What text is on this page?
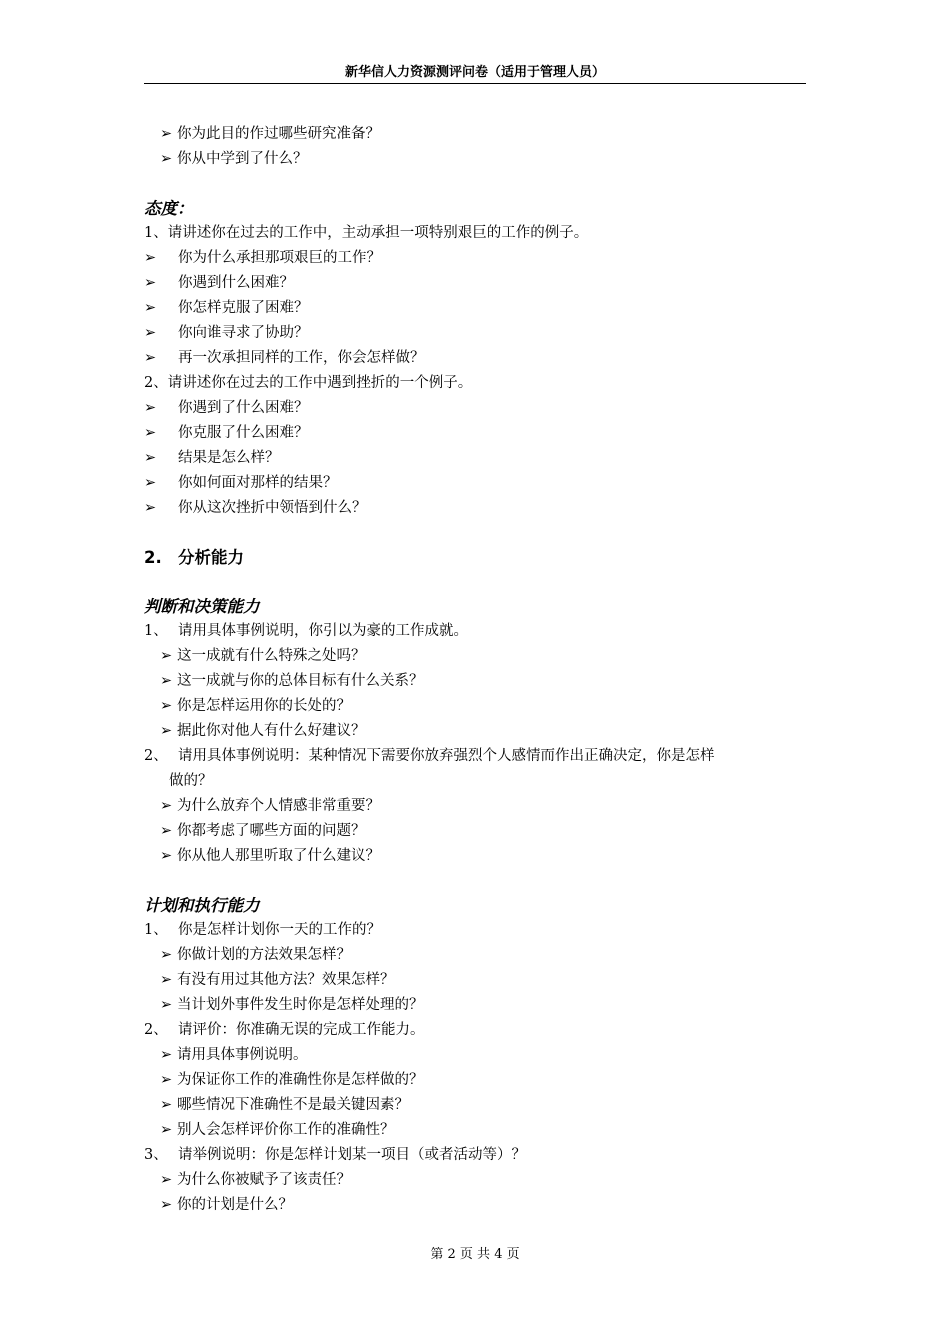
新华信人力资源测评问卷（适用于管理人员）
➢ 你为此目的作过哪些研究准备？
➢ 你从中学到了什么？
态度：
1、请讲述你在过去的工作中，主动承担一项特别艰巨的工作的例子。
➢ 你为什么承担那项艰巨的工作？
➢ 你遇到什么困难？
➢ 你怎样克服了困难？
➢ 你向谁寻求了协助？
➢ 再一次承担同样的工作，你会怎样做？
2、请讲述你在过去的工作中遇到挫折的一个例子。
➢ 你遇到了什么困难？
➢ 你克服了什么困难？
➢ 结果是怎么样？
➢ 你如何面对那样的结果？
➢ 你从这次挫折中领悟到什么？
2. 分析能力
判断和决策能力
1、 请用具体事例说明，你引以为豪的工作成就。
➢ 这一成就有什么特殊之处吗？
➢ 这一成就与你的总体目标有什么关系？
➢ 你是怎样运用你的长处的？
➢ 据此你对他人有什么好建议？
2、 请用具体事例说明：某种情况下需要你放弃强烈个人感情而作出正确决定，你是怎样
做的？
➢ 为什么放弃个人情感非常重要？
➢ 你都考虑了哪些方面的问题？
➢ 你从他人那里听取了什么建议？
计划和执行能力
1、 你是怎样计划你一天的工作的？
➢ 你做计划的方法效果怎样？
➢ 有没有用过其他方法？效果怎样？
➢ 当计划外事件发生时你是怎样处理的？
2、 请评价：你准确无误的完成工作能力。
➢ 请用具体事例说明。
➢ 为保证你工作的准确性你是怎样做的？
➢ 哪些情况下准确性不是最关键因素？
➢ 别人会怎样评价你工作的准确性？
3、 请举例说明：你是怎样计划某一项目（或者活动等）？
➢ 为什么你被赋予了该责任？
➢ 你的计划是什么？
第 2 页 共 4 页
